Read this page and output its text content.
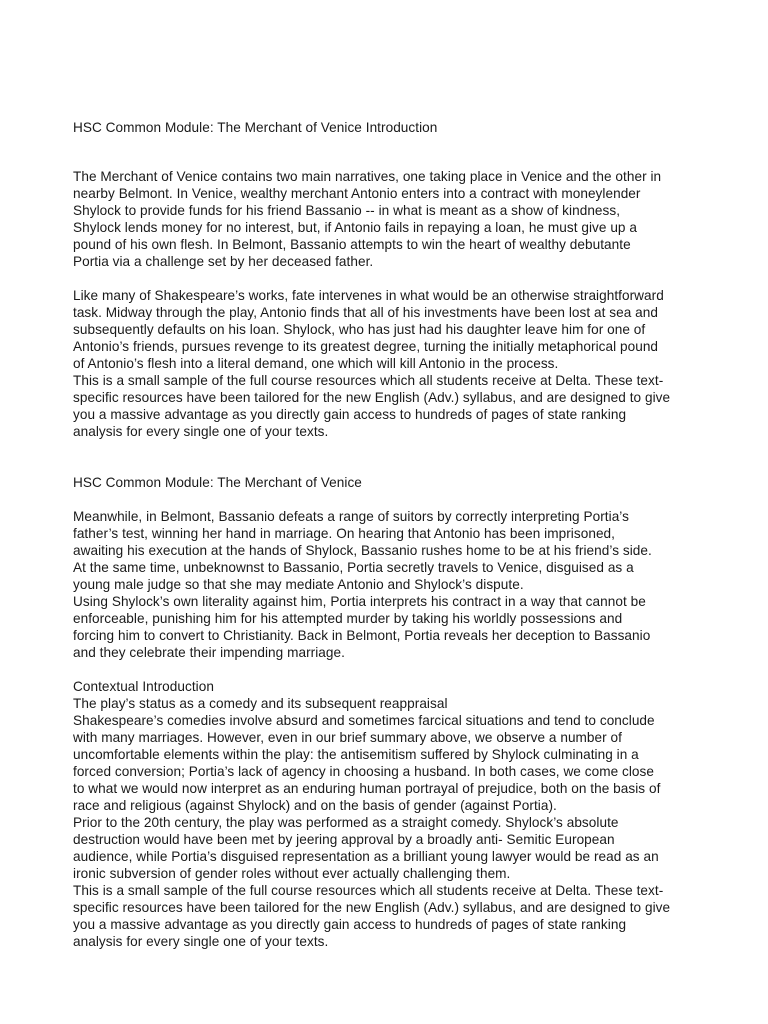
HSC Common Module: The Merchant of Venice Introduction
The Merchant of Venice contains two main narratives, one taking place in Venice and the other in
nearby Belmont. In Venice, wealthy merchant Antonio enters into a contract with moneylender
Shylock to provide funds for his friend Bassanio -- in what is meant as a show of kindness,
Shylock lends money for no interest, but, if Antonio fails in repaying a loan, he must give up a
pound of his own flesh. In Belmont, Bassanio attempts to win the heart of wealthy debutante
Portia via a challenge set by her deceased father.
Like many of Shakespeare’s works, fate intervenes in what would be an otherwise straightforward
task. Midway through the play, Antonio finds that all of his investments have been lost at sea and
subsequently defaults on his loan. Shylock, who has just had his daughter leave him for one of
Antonio’s friends, pursues revenge to its greatest degree, turning the initially metaphorical pound
of Antonio’s flesh into a literal demand, one which will kill Antonio in the process.
This is a small sample of the full course resources which all students receive at Delta. These text-
specific resources have been tailored for the new English (Adv.) syllabus, and are designed to give
you a massive advantage as you directly gain access to hundreds of pages of state ranking
analysis for every single one of your texts.
HSC Common Module: The Merchant of Venice
Meanwhile, in Belmont, Bassanio defeats a range of suitors by correctly interpreting Portia’s
father’s test, winning her hand in marriage. On hearing that Antonio has been imprisoned,
awaiting his execution at the hands of Shylock, Bassanio rushes home to be at his friend’s side.
At the same time, unbeknownst to Bassanio, Portia secretly travels to Venice, disguised as a
young male judge so that she may mediate Antonio and Shylock’s dispute.
Using Shylock’s own literality against him, Portia interprets his contract in a way that cannot be
enforceable, punishing him for his attempted murder by taking his worldly possessions and
forcing him to convert to Christianity. Back in Belmont, Portia reveals her deception to Bassanio
and they celebrate their impending marriage.
Contextual Introduction
The play’s status as a comedy and its subsequent reappraisal
Shakespeare’s comedies involve absurd and sometimes farcical situations and tend to conclude
with many marriages. However, even in our brief summary above, we observe a number of
uncomfortable elements within the play: the antisemitism suffered by Shylock culminating in a
forced conversion; Portia’s lack of agency in choosing a husband. In both cases, we come close
to what we would now interpret as an enduring human portrayal of prejudice, both on the basis of
race and religious (against Shylock) and on the basis of gender (against Portia).
Prior to the 20th century, the play was performed as a straight comedy. Shylock’s absolute
destruction would have been met by jeering approval by a broadly anti- Semitic European
audience, while Portia’s disguised representation as a brilliant young lawyer would be read as an
ironic subversion of gender roles without ever actually challenging them.
This is a small sample of the full course resources which all students receive at Delta. These text-
specific resources have been tailored for the new English (Adv.) syllabus, and are designed to give
you a massive advantage as you directly gain access to hundreds of pages of state ranking
analysis for every single one of your texts.
